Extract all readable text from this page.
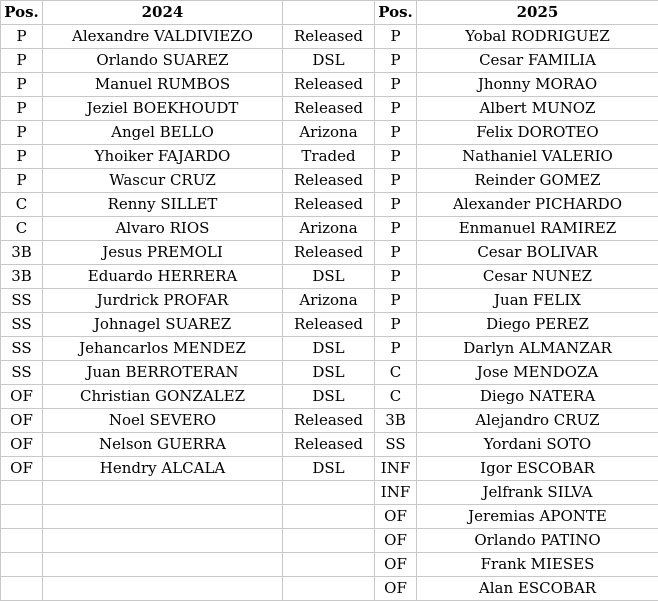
Pos.	2024		Pos.	2025
P	Alexandre VALDIVIEZO	Released	P	Yobal RODRIGUEZ
P	Orlando SUAREZ	DSL	P	Cesar FAMILIA
P	Manuel RUMBOS	Released	P	Jhonny MORAO
P	Jeziel BOEKHOUDT	Released	P	Albert MUNOZ
P	Angel BELLO	Arizona	P	Felix DOROTEO
P	Yhoiker FAJARDO	Traded	P	Nathaniel VALERIO
P	Wascur CRUZ	Released	P	Reinder GOMEZ
C	Renny SILLET	Released	P	Alexander PICHARDO
C	Alvaro RIOS	Arizona	P	Enmanuel RAMIREZ
3B	Jesus PREMOLI	Released	P	Cesar BOLIVAR
3B	Eduardo HERRERA	DSL	P	Cesar NUNEZ
SS	Jurdrick PROFAR	Arizona	P	Juan FELIX
SS	Johnagel SUAREZ	Released	P	Diego PEREZ
SS	Jehancarlos MENDEZ	DSL	P	Darlyn ALMANZAR
SS	Juan BERROTERAN	DSL	C	Jose MENDOZA
OF	Christian GONZALEZ	DSL	C	Diego NATERA
OF	Noel SEVERO	Released	3B	Alejandro CRUZ
OF	Nelson GUERRA	Released	SS	Yordani SOTO
OF	Hendry ALCALA	DSL	INF	Igor ESCOBAR
			INF	Jelfrank SILVA
			OF	Jeremias APONTE
			OF	Orlando PATINO
			OF	Frank MIESES
			OF	Alan ESCOBAR
